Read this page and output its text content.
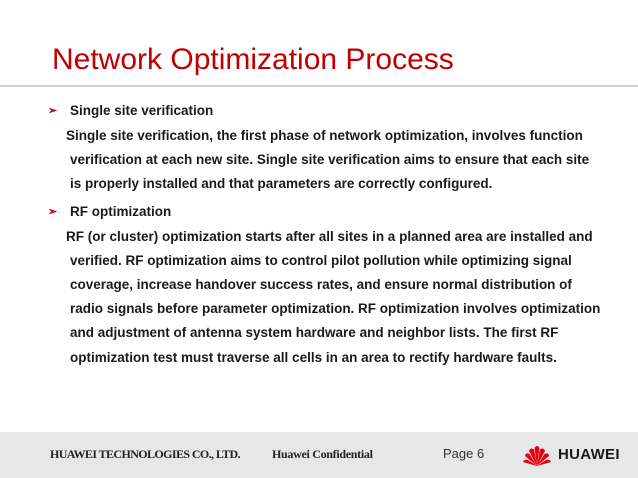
Network Optimization Process
➢ Single site verification

Single site verification, the first phase of network optimization, involves function verification at each new site. Single site verification aims to ensure that each site is properly installed and that parameters are correctly configured.

➢ RF optimization

RF (or cluster) optimization starts after all sites in a planned area are installed and verified. RF optimization aims to control pilot pollution while optimizing signal coverage, increase handover success rates, and ensure normal distribution of radio signals before parameter optimization. RF optimization involves optimization and adjustment of antenna system hardware and neighbor lists. The first RF optimization test must traverse all cells in an area to rectify hardware faults.

HUAWEI TECHNOLOGIES CO., LTD.	Huawei Confidential	Page 6	HUAWEI
